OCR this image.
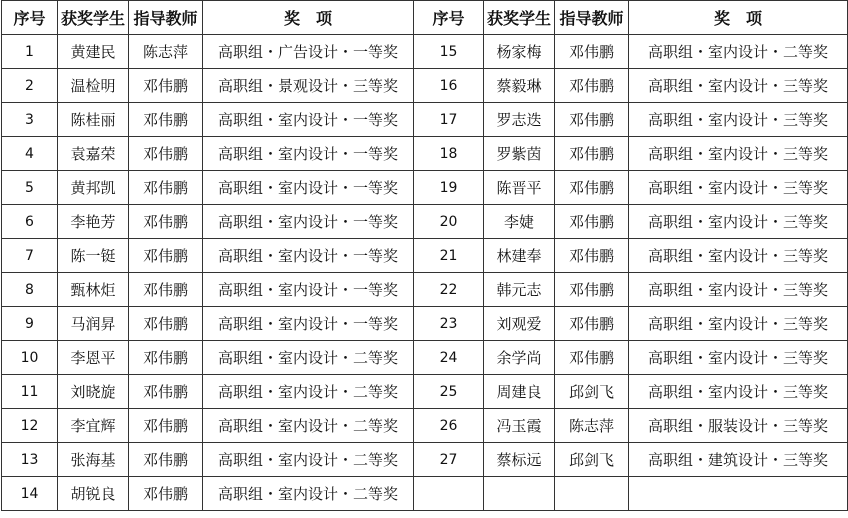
序号	获奖学生	指导教师	奖　项	序号	获奖学生	指导教师	奖　项
1	黄建民	陈志萍	高职组・广告设计・一等奖	15	杨家梅	邓伟鹏	高职组・室内设计・二等奖
2	温检明	邓伟鹏	高职组・景观设计・三等奖	16	蔡毅琳	邓伟鹏	高职组・室内设计・三等奖
3	陈桂丽	邓伟鹏	高职组・室内设计・一等奖	17	罗志迭	邓伟鹏	高职组・室内设计・三等奖
4	袁嘉荣	邓伟鹏	高职组・室内设计・一等奖	18	罗紫茵	邓伟鹏	高职组・室内设计・三等奖
5	黄邦凯	邓伟鹏	高职组・室内设计・一等奖	19	陈晋平	邓伟鹏	高职组・室内设计・三等奖
6	李艳芳	邓伟鹏	高职组・室内设计・一等奖	20	李婕	邓伟鹏	高职组・室内设计・三等奖
7	陈一铤	邓伟鹏	高职组・室内设计・一等奖	21	林建奉	邓伟鹏	高职组・室内设计・三等奖
8	甄林炬	邓伟鹏	高职组・室内设计・一等奖	22	韩元志	邓伟鹏	高职组・室内设计・三等奖
9	马润昇	邓伟鹏	高职组・室内设计・一等奖	23	刘观爱	邓伟鹏	高职组・室内设计・三等奖
10	李恩平	邓伟鹏	高职组・室内设计・二等奖	24	余学尚	邓伟鹏	高职组・室内设计・三等奖
11	刘晓旋	邓伟鹏	高职组・室内设计・二等奖	25	周建良	邱剑飞	高职组・室内设计・三等奖
12	李宜辉	邓伟鹏	高职组・室内设计・二等奖	26	冯玉霞	陈志萍	高职组・服装设计・三等奖
13	张海基	邓伟鹏	高职组・室内设计・二等奖	27	蔡标远	邱剑飞	高职组・建筑设计・三等奖
14	胡锐良	邓伟鹏	高职组・室内设计・二等奖				
